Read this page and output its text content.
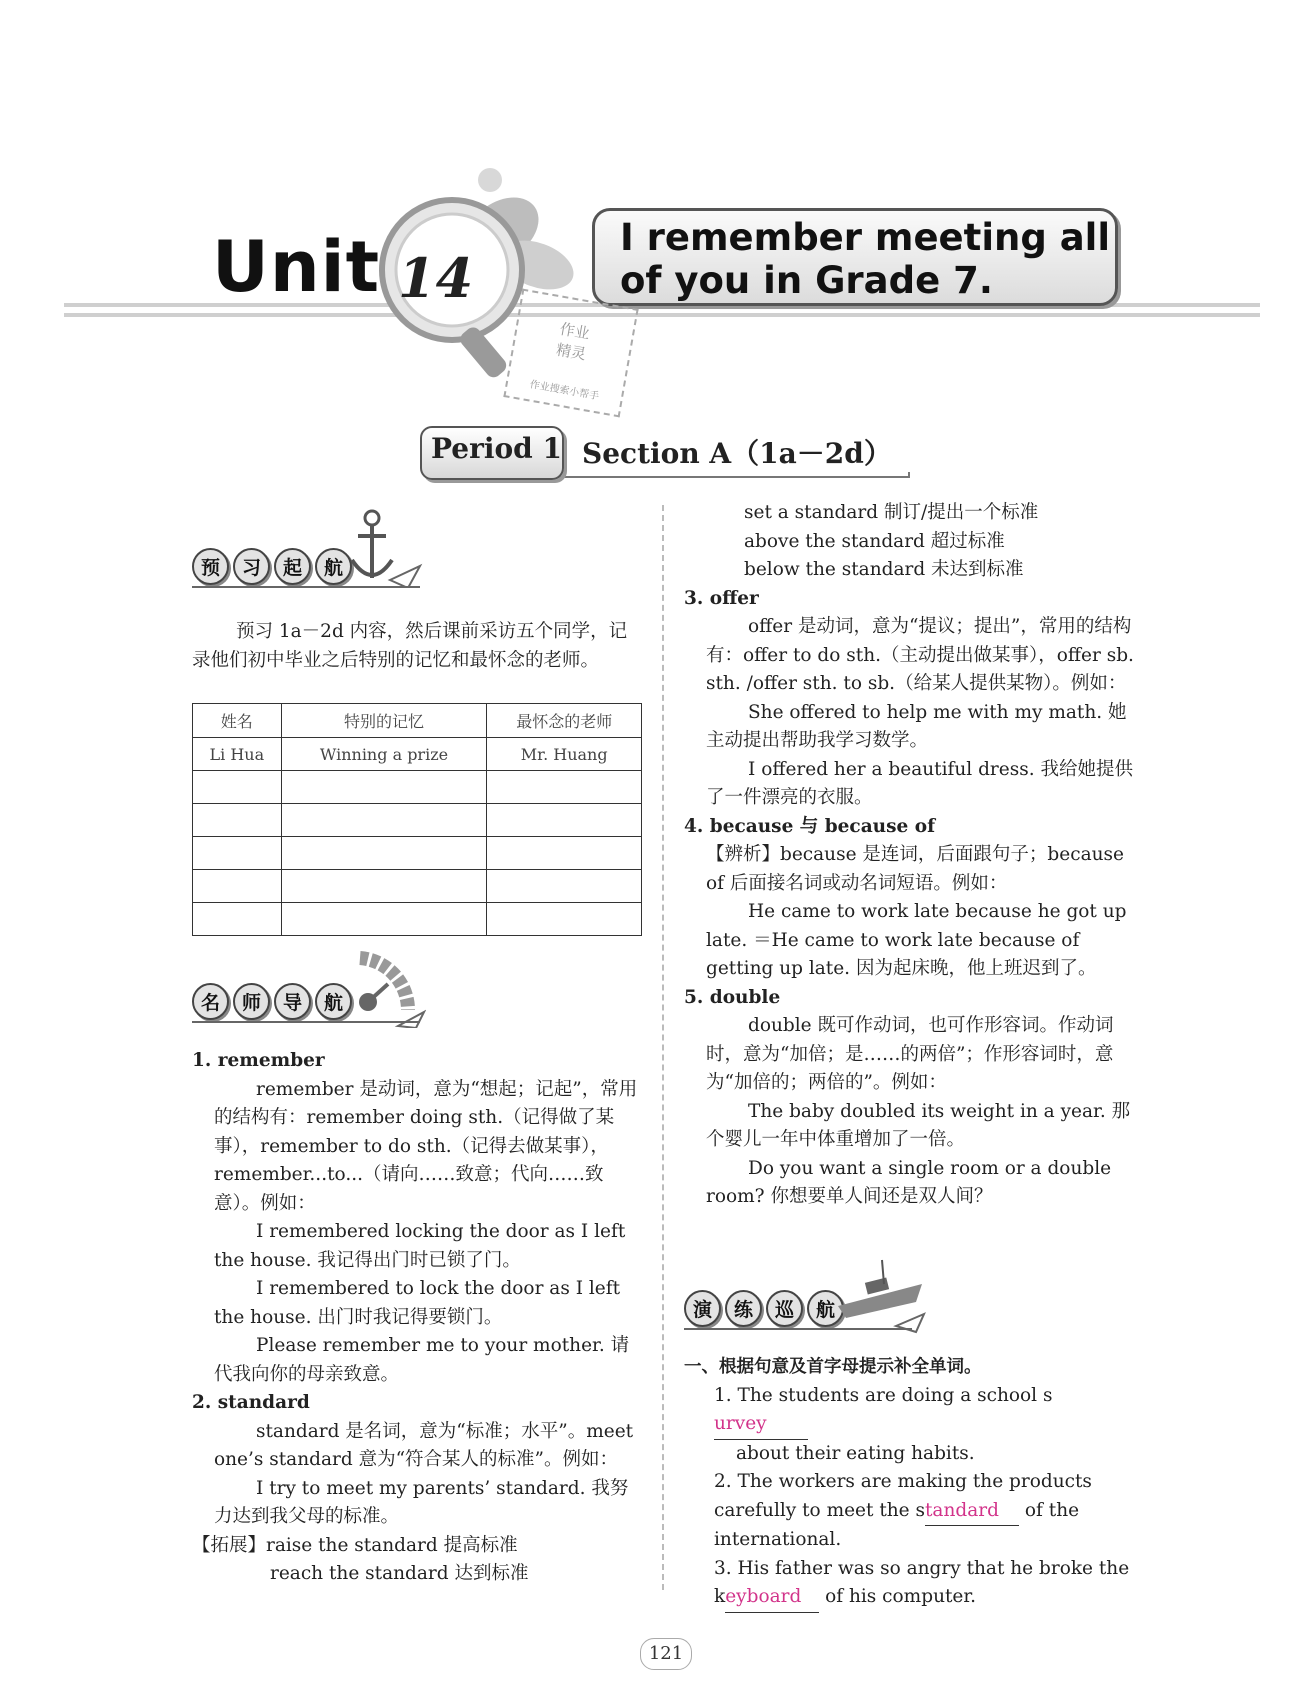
Unit 14
I remember meeting all
of you in Grade 7.
作业
精灵
作业搜索小帮手
Period 1 Section A（1a－2d）
预	习	起	航

预习 1a－2d 内容，然后课前采访五个同学，记录他们初中毕业之后特别的记忆和最怀念的老师。

姓名	特别的记忆	最怀念的老师
Li Hua	Winning a prize	Mr. Huang

名	师	导	航

1. remember

remember 是动词，意为“想起；记起”，常用的结构有：remember doing sth.（记得做了某事），remember to do sth.（记得去做某事），remember...to...（请向……致意；代向……致意）。例如：

I remembered locking the door as I left the house. 我记得出门时已锁了门。

I remembered to lock the door as I left the house. 出门时我记得要锁门。

Please remember me to your mother. 请代我向你的母亲致意。

2. standard

standard 是名词，意为“标准；水平”。meet one’s standard 意为“符合某人的标准”。例如：

I try to meet my parents’ standard. 我努力达到我父母的标准。

【拓展】raise the standard 提高标准

reach the standard 达到标准

set a standard 制订/提出一个标准

above the standard 超过标准

below the standard 未达到标准

3. offer

offer 是动词，意为“提议；提出”，常用的结构有：offer to do sth.（主动提出做某事），offer sb. sth. /offer sth. to sb.（给某人提供某物）。例如：

She offered to help me with my math. 她主动提出帮助我学习数学。

I offered her a beautiful dress. 我给她提供了一件漂亮的衣服。

4. because 与 because of

【辨析】because 是连词，后面跟句子；because of 后面接名词或动名词短语。例如：

He came to work late because he got up late. ＝He came to work late because of getting up late. 因为起床晚，他上班迟到了。

5. double

double 既可作动词，也可作形容词。作动词时，意为“加倍；是……的两倍”；作形容词时，意为“加倍的；两倍的”。例如：

The baby doubled its weight in a year. 那个婴儿一年中体重增加了一倍。

Do you want a single room or a double room? 你想要单人间还是双人间？

演	练	巡	航

一、根据句意及首字母提示补全单词。

1. The students are doing a school survey
about their eating habits.

2. The workers are making the products carefully to meet the standard of the international.

3. His father was so angry that he broke the keyboard of his computer.

121
